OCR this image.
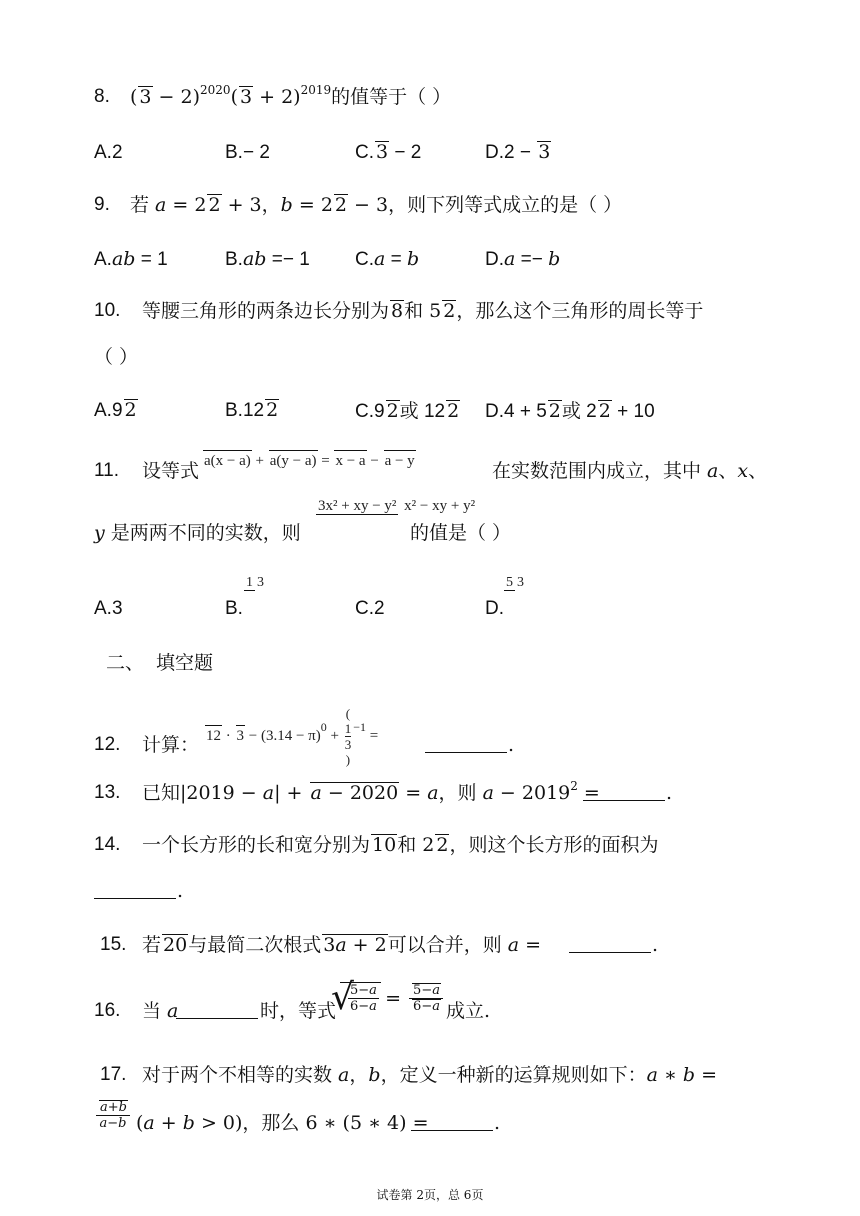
8. ( 3 − 2)$^{2020}$( 3 + 2)$^{2019}$的值等于（ ）
A.2	B.− 2	C. 3 − 2	D.2 − 3
9. 若 a = 2 2 + 3，b = 2 2 − 3，则下列等式成立的是（ ）
A.ab = 1	B.ab =− 1 C.a = b	D.a =− b
10. 等腰三角形的两条边长分别为 8和 5 2，那么这个三角形的周长等于
（ ）
A.9 2	B.12 2	C.9 2或 12 2 D.4 + 5 2或 2 2 + 10
11. 设等式 a(x − a) + a(y − a) = x − a − a − y	在实数范围内成立，其中 a、x、
y 是两两不同的实数，则
3x² + xy − y² x² − xy + y²
的值是（ ）
A.3	B.
1 3
C.2	D.
5 3
二、 填空题
12. 计算： $12 \cdot 3 - (3.14 - \pi)^0$ + (
1
3
)$^{-1}$ =	.
13. 已知|2019 − a| + a − 2020 = a，则 $a - 2019^2$ =	.
14. 一个长方形的长和宽分别为 10和 2 2，则这个长方形的面积为
.
15. 若 20与最简二次根式 3a + 2可以合并，则 a =	.
16. 当 a	时，等式
√
$\frac{5-a}{6-a} = \frac{5-a}{6-a}$ 成立.
17. 对于两个不相等的实数 a，b，定义一种新的运算规则如下：a ∗ b =
$\frac{a+b}{a-b} (a + b > 0)$，那么 6 ∗ (5 ∗ 4) =	.
试卷第 2页，总 6页
